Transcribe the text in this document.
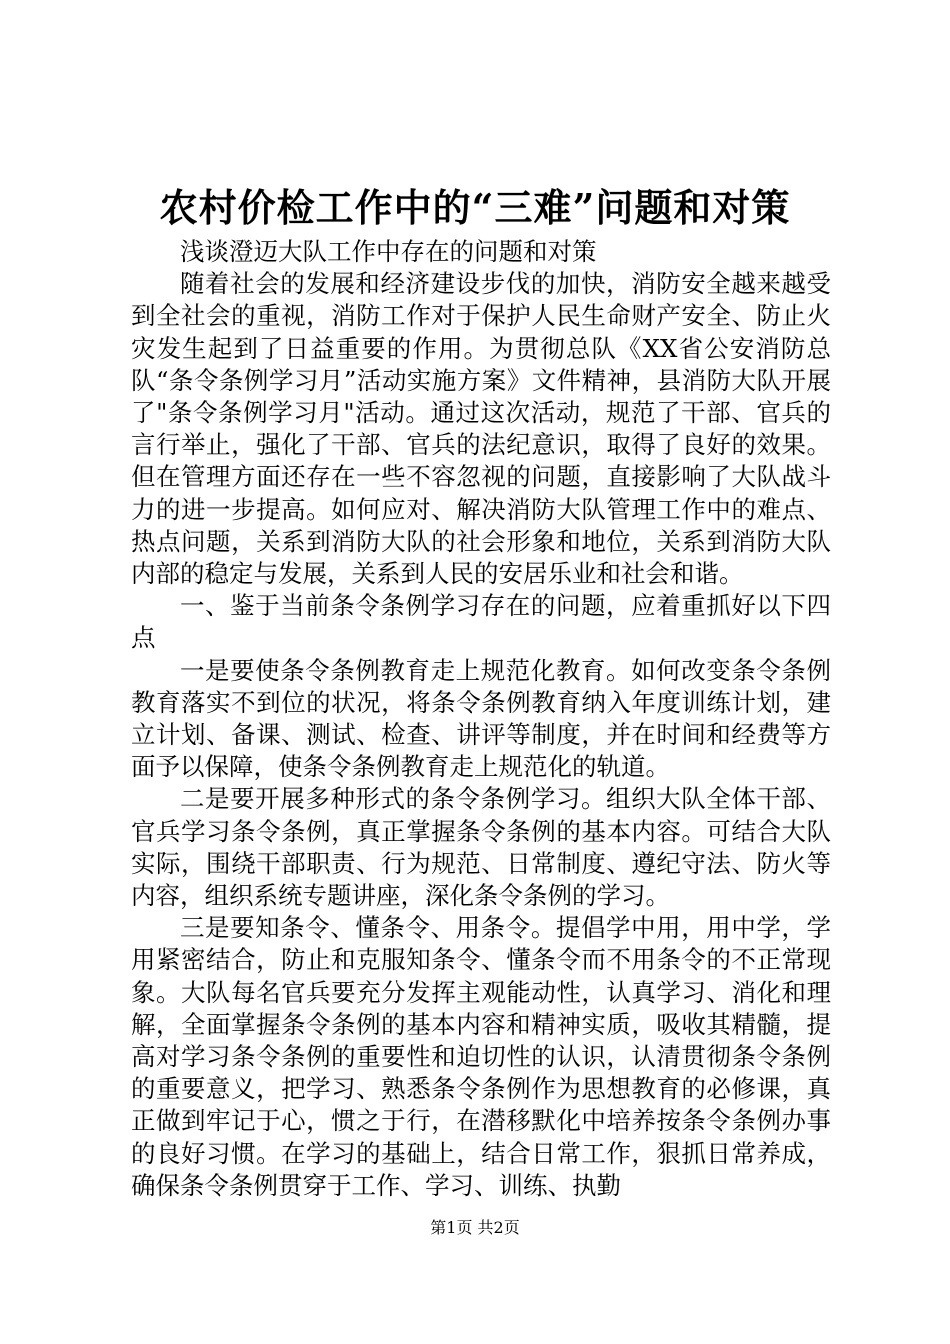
农村价检工作中的“三难”问题和对策

浅谈澄迈大队工作中存在的问题和对策

随着社会的发展和经济建设步伐的加快，消防安全越来越受到全社会的重视，消防工作对于保护人民生命财产安全、防止火灾发生起到了日益重要的作用。为贯彻总队《XX省公安消防总队“条令条例学习月”活动实施方案》文件精神，县消防大队开展了"条令条例学习月"活动。通过这次活动，规范了干部、官兵的言行举止，强化了干部、官兵的法纪意识，取得了良好的效果。但在管理方面还存在一些不容忽视的问题，直接影响了大队战斗力的进一步提高。如何应对、解决消防大队管理工作中的难点、热点问题，关系到消防大队的社会形象和地位，关系到消防大队内部的稳定与发展，关系到人民的安居乐业和社会和谐。

一、鉴于当前条令条例学习存在的问题，应着重抓好以下四点

一是要使条令条例教育走上规范化教育。如何改变条令条例教育落实不到位的状况，将条令条例教育纳入年度训练计划，建立计划、备课、测试、检查、讲评等制度，并在时间和经费等方面予以保障，使条令条例教育走上规范化的轨道。

二是要开展多种形式的条令条例学习。组织大队全体干部、官兵学习条令条例，真正掌握条令条例的基本内容。可结合大队实际，围绕干部职责、行为规范、日常制度、遵纪守法、防火等内容，组织系统专题讲座，深化条令条例的学习。

三是要知条令、懂条令、用条令。提倡学中用，用中学，学用紧密结合，防止和克服知条令、懂条令而不用条令的不正常现象。大队每名官兵要充分发挥主观能动性，认真学习、消化和理解，全面掌握条令条例的基本内容和精神实质，吸收其精髓，提高对学习条令条例的重要性和迫切性的认识，认清贯彻条令条例的重要意义，把学习、熟悉条令条例作为思想教育的必修课，真正做到牢记于心，惯之于行，在潜移默化中培养按条令条例办事的良好习惯。在学习的基础上，结合日常工作，狠抓日常养成，确保条令条例贯穿于工作、学习、训练、执勤

第1页 共2页
